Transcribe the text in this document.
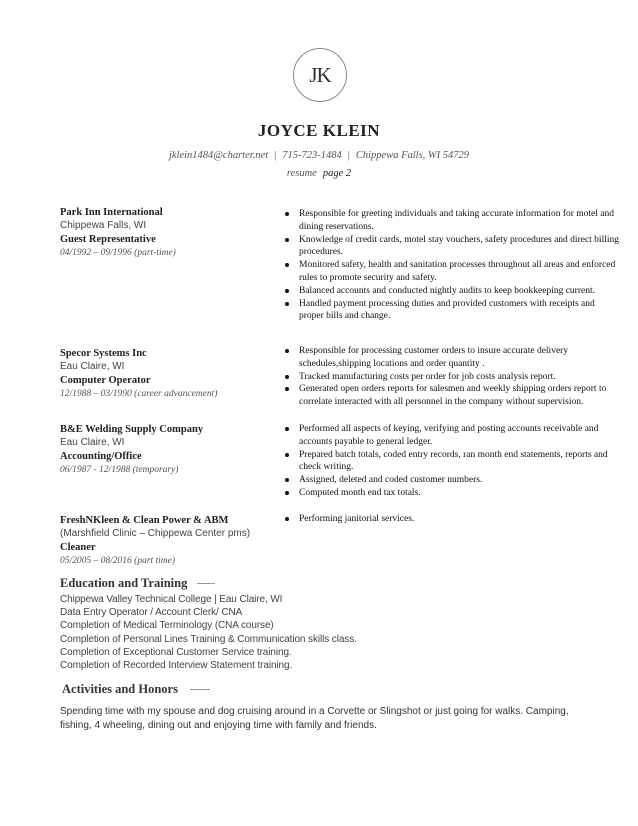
JK
JOYCE KLEIN
jklein1484@charter.net | 715-723-1484 | Chippewa Falls, WI 54729
resume page 2
Park Inn International
Chippewa Falls, WI
Guest Representative
04/1992 – 09/1996 (part-time)
Responsible for greeting individuals and taking accurate information for motel and dining reservations.
Knowledge of credit cards, motel stay vouchers, safety procedures and direct billing procedures.
Monitored safety, health and sanitation processes throughout all areas and enforced rules to promote security and safety.
Balanced accounts and conducted nightly audits to keep bookkeeping current.
Handled payment processing duties and provided customers with receipts and proper bills and change.
Specor Systems Inc
Eau Claire, WI
Computer Operator
12/1988 – 03/1990 (career advancement)
Responsible for processing customer orders to insure accurate delivery schedules,shipping locations and order quantity .
Tracked manufacturing costs per order for job costs analysis report.
Generated open orders reports for salesmen and weekly shipping orders report to correlate interacted with all personnel in the company without supervision.
B&E Welding Supply Company
Eau Claire, WI
Accounting/Office
06/1987 - 12/1988 (temporary)
Performed all aspects of keying, verifying and posting accounts receivable and accounts payable to general ledger.
Prepared batch totals, coded entry records, ran month end statements, reports and check writing.
Assigned, deleted and coded customer numbers.
Computed month end tax totals.
FreshNKleen & Clean Power & ABM
(Marshfield Clinic – Chippewa Center pms)
Cleaner
05/2005 – 08/2016 (part time)
Performing janitorial services.
Education and Training
Chippewa Valley Technical College | Eau Claire, WI
Data Entry Operator / Account Clerk/ CNA
Completion of Medical Terminology (CNA course)
Completion of Personal Lines Training & Communication skills class.
Completion of Exceptional Customer Service training.
Completion of Recorded Interview Statement training.
Activities and Honors
Spending time with my spouse and dog cruising around in a Corvette or Slingshot or just going for walks. Camping, fishing, 4 wheeling, dining out and enjoying time with family and friends.
